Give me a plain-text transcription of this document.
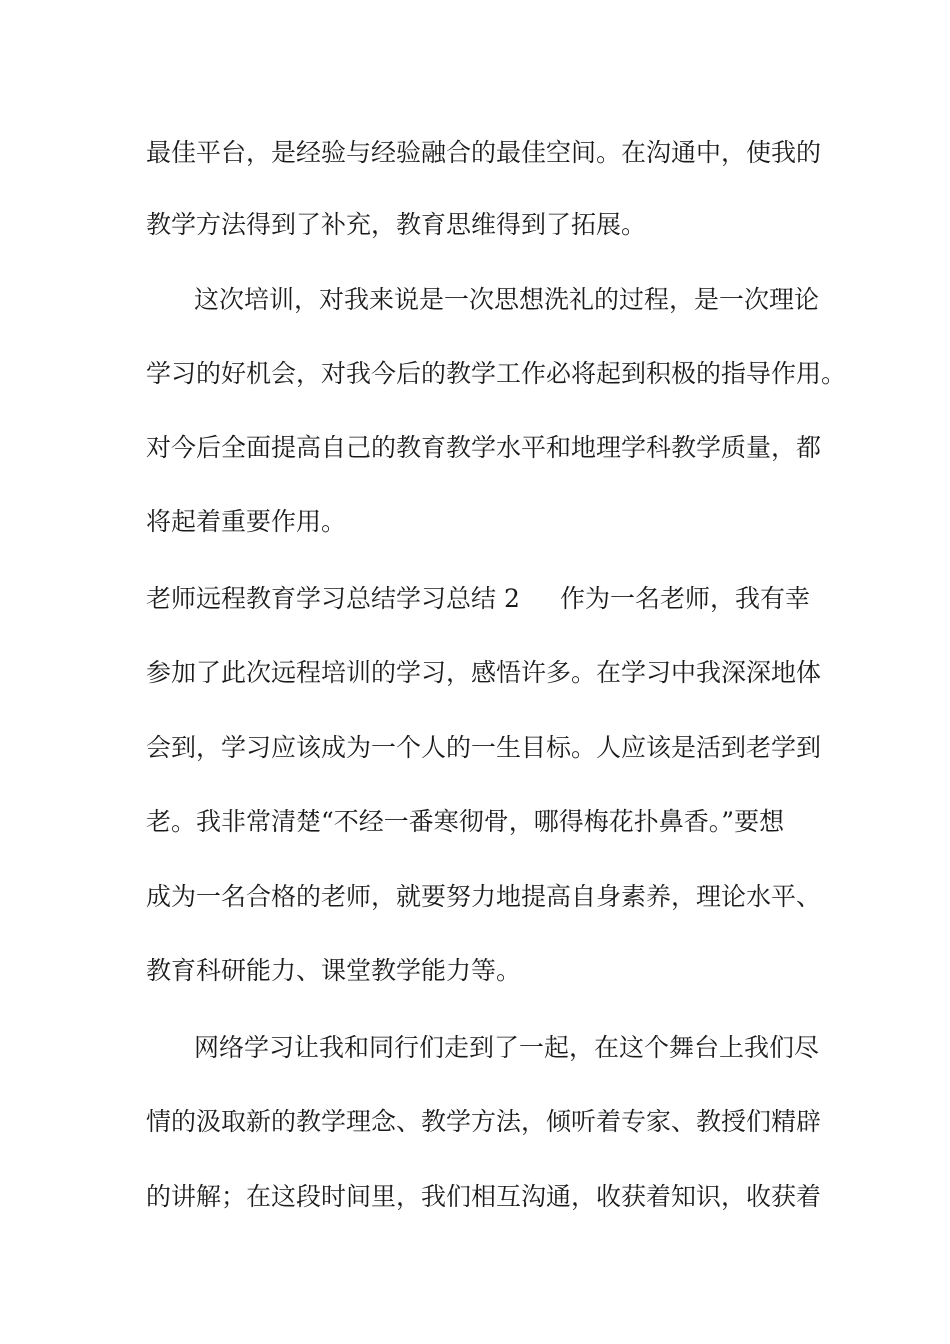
最佳平台，是经验与经验融合的最佳空间。在沟通中，使我的
教学方法得到了补充，教育思维得到了拓展。
这次培训，对我来说是一次思想洗礼的过程，是一次理论
学习的好机会，对我今后的教学工作必将起到积极的指导作用。
对今后全面提高自己的教育教学水平和地理学科教学质量，都
将起着重要作用。
老师远程教育学习总结学习总结 2 作为一名老师，我有幸
参加了此次远程培训的学习，感悟许多。在学习中我深深地体
会到，学习应该成为一个人的一生目标。人应该是活到老学到
老。我非常清楚“不经一番寒彻骨，哪得梅花扑鼻香。”要想
成为一名合格的老师，就要努力地提高自身素养，理论水平、
教育科研能力、课堂教学能力等。
网络学习让我和同行们走到了一起，在这个舞台上我们尽
情的汲取新的教学理念、教学方法，倾听着专家、教授们精辟
的讲解；在这段时间里，我们相互沟通，收获着知识，收获着
